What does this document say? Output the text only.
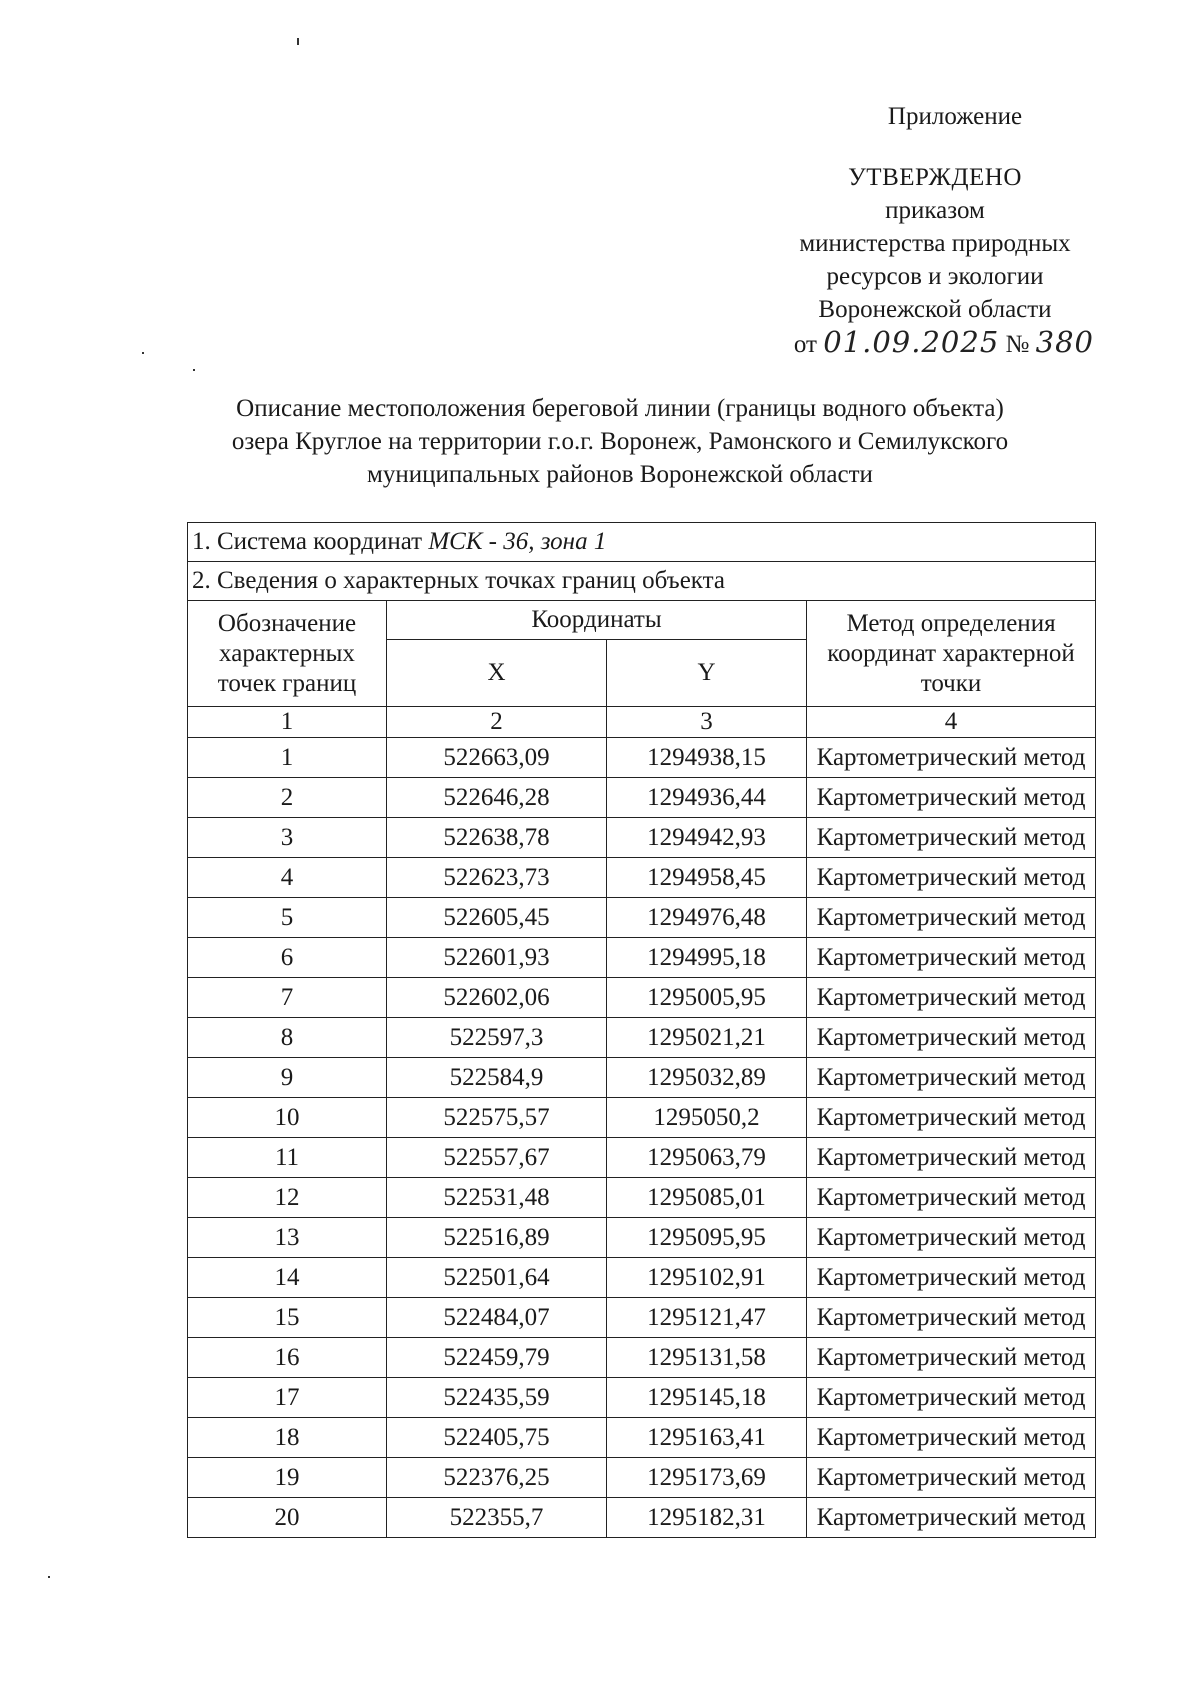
Приложение
УТВЕРЖДЕНО
приказом
министерства природных
ресурсов и экологии
Воронежской области
от 01.09.2025 № 380
Описание местоположения береговой линии (границы водного объекта)
озера Круглое на территории г.о.г. Воронеж, Рамонского и Семилукского
муниципальных районов Воронежской области
1. Система координат МСК - 36, зона 1			
2. Сведения о характерных точках границ объекта			
Обозначение характерных точек границ	Координаты		Метод определения координат характерной точки
	X	Y	
1	2	3	4
1	522663,09	1294938,15	Картометрический метод
2	522646,28	1294936,44	Картометрический метод
3	522638,78	1294942,93	Картометрический метод
4	522623,73	1294958,45	Картометрический метод
5	522605,45	1294976,48	Картометрический метод
6	522601,93	1294995,18	Картометрический метод
7	522602,06	1295005,95	Картометрический метод
8	522597,3	1295021,21	Картометрический метод
9	522584,9	1295032,89	Картометрический метод
10	522575,57	1295050,2	Картометрический метод
11	522557,67	1295063,79	Картометрический метод
12	522531,48	1295085,01	Картометрический метод
13	522516,89	1295095,95	Картометрический метод
14	522501,64	1295102,91	Картометрический метод
15	522484,07	1295121,47	Картометрический метод
16	522459,79	1295131,58	Картометрический метод
17	522435,59	1295145,18	Картометрический метод
18	522405,75	1295163,41	Картометрический метод
19	522376,25	1295173,69	Картометрический метод
20	522355,7	1295182,31	Картометрический метод
